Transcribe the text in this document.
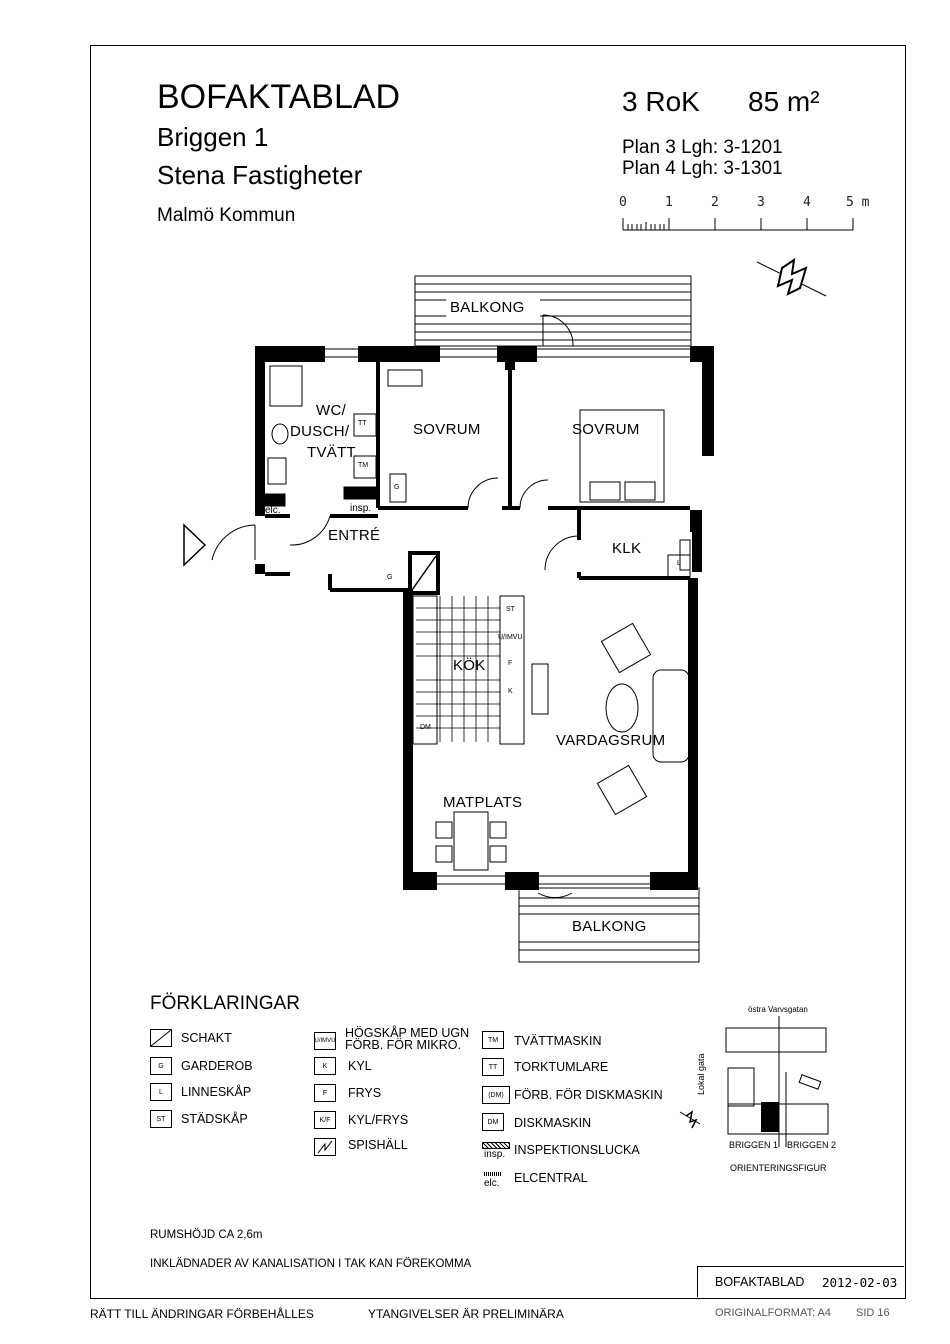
BOFAKTABLAD
Briggen 1
Stena Fastigheter
Malmö Kommun
3 RoK 85 m²
Plan 3 Lgh: 3-1201
Plan 4 Lgh: 3-1301
0	1	2	3	4	5 m
BALKONG
BALKONG
WC/
DUSCH/
TVÄTT
SOVRUM	SOVRUM
ENTRÉ
KLK
KÖK
VARDAGSRUM
MATPLATS
elc.	insp.
TT
TM
G
G
L
ST
U/IMVU
F
K
DM
FÖRKLARINGAR
SCHAKT
G	GARDEROB
L	LINNESKÅP
ST	STÄDSKÅP
U/IMVU
HÖGSKÅP MED UGN
FÖRB. FÖR MIKRO.
K	KYL
F	FRYS
K/F	KYL/FRYS
SPISHÄLL
TM	TVÄTTMASKIN
TT	TORKTUMLARE
(DM) FÖRB. FÖR DISKMASKIN
DM	DISKMASKIN
insp. INSPEKTIONSLUCKA
elc. ELCENTRAL
östra Varvsgatan
Lokal gata
BRIGGEN 1 BRIGGEN 2
ORIENTERINGSFIGUR
RUMSHÖJD CA 2,6m
INKLÄDNADER AV KANALISATION I TAK KAN FÖREKOMMA
BOFAKTABLAD 2012-02-03
RÄTT TILL ÄNDRINGAR FÖRBEHÅLLES	YTANGIVELSER ÄR PRELIMINÄRA	ORIGINALFORMAT: A4 SID 16
